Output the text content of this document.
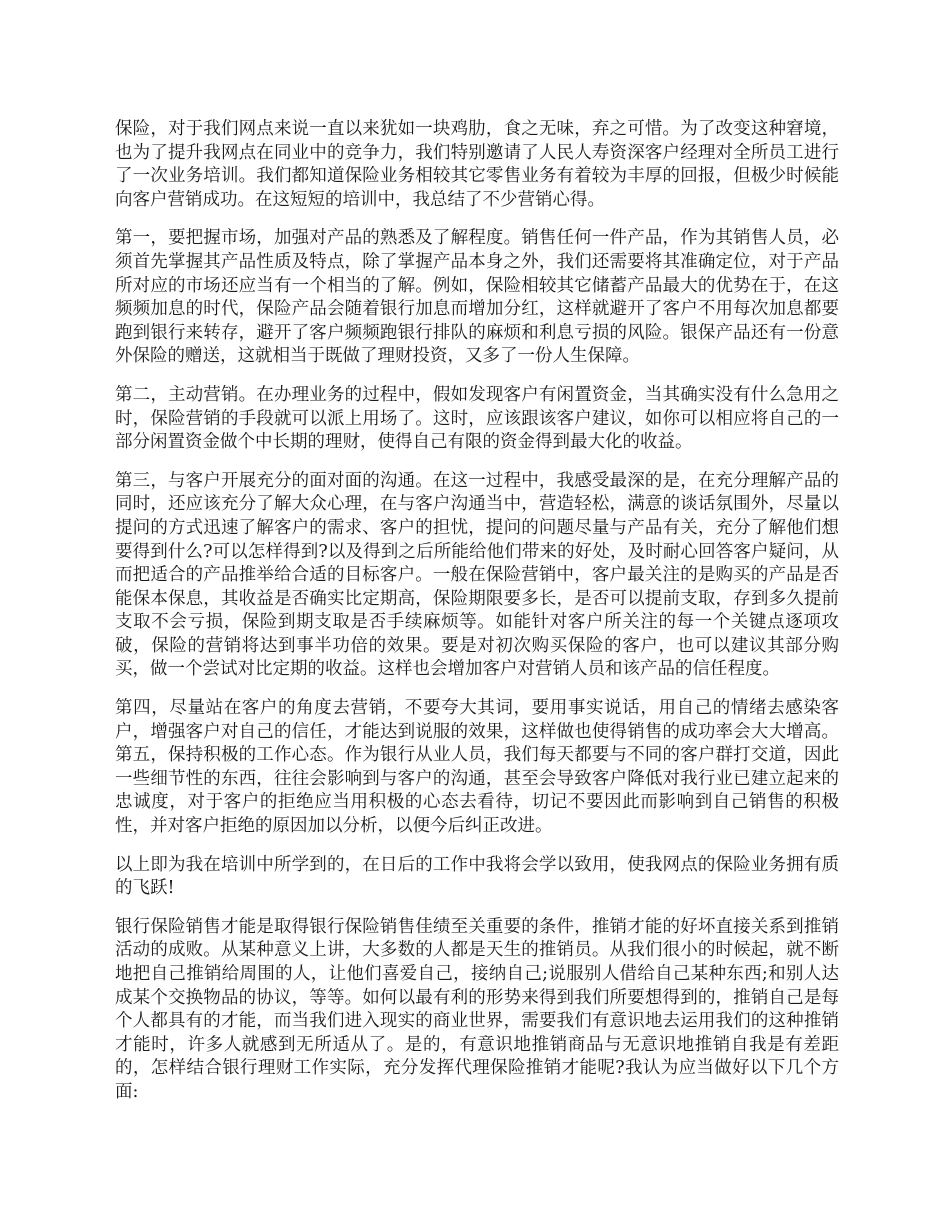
保险，对于我们网点来说一直以来犹如一块鸡肋，食之无味，弃之可惜。为了改变这种窘境，也为了提升我网点在同业中的竞争力，我们特别邀请了人民人寿资深客户经理对全所员工进行了一次业务培训。我们都知道保险业务相较其它零售业务有着较为丰厚的回报，但极少时候能向客户营销成功。在这短短的培训中，我总结了不少营销心得。

第一，要把握市场，加强对产品的熟悉及了解程度。销售任何一件产品，作为其销售人员，必须首先掌握其产品性质及特点，除了掌握产品本身之外，我们还需要将其准确定位，对于产品所对应的市场还应当有一个相当的了解。例如，保险相较其它储蓄产品最大的优势在于，在这频频加息的时代，保险产品会随着银行加息而增加分红，这样就避开了客户不用每次加息都要跑到银行来转存，避开了客户频频跑银行排队的麻烦和利息亏损的风险。银保产品还有一份意外保险的赠送，这就相当于既做了理财投资，又多了一份人生保障。

第二，主动营销。在办理业务的过程中，假如发现客户有闲置资金，当其确实没有什么急用之时，保险营销的手段就可以派上用场了。这时，应该跟该客户建议，如你可以相应将自己的一部分闲置资金做个中长期的理财，使得自己有限的资金得到最大化的收益。

第三，与客户开展充分的面对面的沟通。在这一过程中，我感受最深的是，在充分理解产品的同时，还应该充分了解大众心理，在与客户沟通当中，营造轻松，满意的谈话氛围外，尽量以提问的方式迅速了解客户的需求、客户的担忧，提问的问题尽量与产品有关，充分了解他们想要得到什么?可以怎样得到?以及得到之后所能给他们带来的好处，及时耐心回答客户疑问，从而把适合的产品推举给合适的目标客户。一般在保险营销中，客户最关注的是购买的产品是否能保本保息，其收益是否确实比定期高，保险期限要多长，是否可以提前支取，存到多久提前支取不会亏损，保险到期支取是否手续麻烦等。如能针对客户所关注的每一个关键点逐项攻破，保险的营销将达到事半功倍的效果。要是对初次购买保险的客户，也可以建议其部分购买，做一个尝试对比定期的收益。这样也会增加客户对营销人员和该产品的信任程度。

第四，尽量站在客户的角度去营销，不要夸大其词，要用事实说话，用自己的情绪去感染客户，增强客户对自己的信任，才能达到说服的效果，这样做也使得销售的成功率会大大增高。第五，保持积极的工作心态。作为银行从业人员，我们每天都要与不同的客户群打交道，因此一些细节性的东西，往往会影响到与客户的沟通，甚至会导致客户降低对我行业已建立起来的忠诚度，对于客户的拒绝应当用积极的心态去看待，切记不要因此而影响到自己销售的积极性，并对客户拒绝的原因加以分析，以便今后纠正改进。

以上即为我在培训中所学到的，在日后的工作中我将会学以致用，使我网点的保险业务拥有质的飞跃!

银行保险销售才能是取得银行保险销售佳绩至关重要的条件，推销才能的好坏直接关系到推销活动的成败。从某种意义上讲，大多数的人都是天生的推销员。从我们很小的时候起，就不断地把自己推销给周围的人，让他们喜爱自己，接纳自己;说服别人借给自己某种东西;和别人达成某个交换物品的协议，等等。如何以最有利的形势来得到我们所要想得到的，推销自己是每个人都具有的才能，而当我们进入现实的商业世界，需要我们有意识地去运用我们的这种推销才能时，许多人就感到无所适从了。是的，有意识地推销商品与无意识地推销自我是有差距的，怎样结合银行理财工作实际，充分发挥代理保险推销才能呢?我认为应当做好以下几个方面:
